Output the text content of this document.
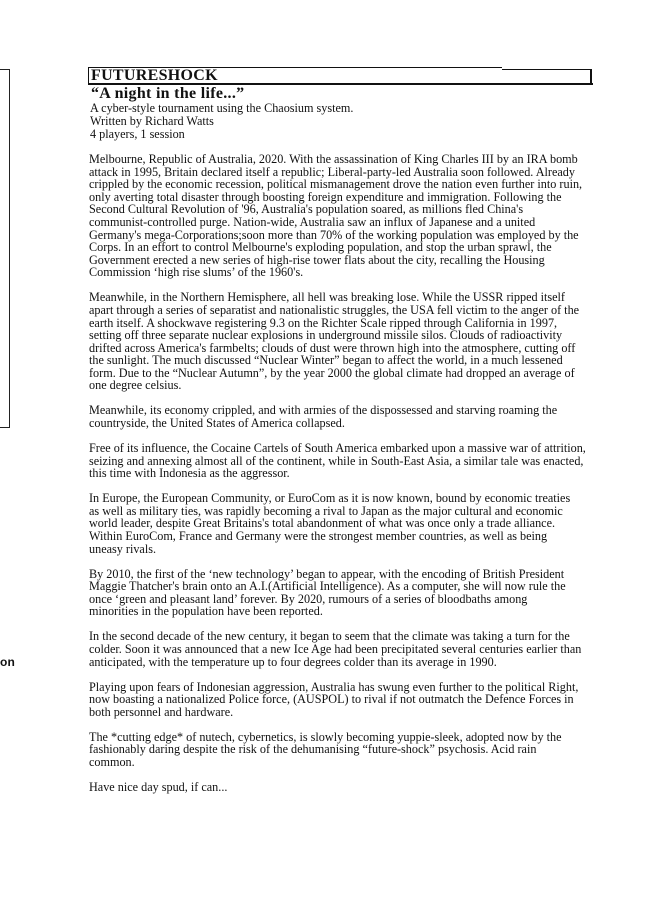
on
FUTURESHOCK
“A night in the life...”
A cyber-style tournament using the Chaosium system.
Written by Richard Watts
4 players, 1 session
Melbourne, Republic of Australia, 2020. With the assassination of King Charles III by an IRA bomb
attack in 1995, Britain declared itself a republic; Liberal-party-led Australia soon followed. Already
crippled by the economic recession, political mismanagement drove the nation even further into ruin,
only averting total disaster through boosting foreign expenditure and immigration. Following the
Second Cultural Revolution of '96, Australia's population soared, as millions fled China's
communist-controlled purge. Nation-wide, Australia saw an influx of Japanese and a united
Germany's mega-Corporations;soon more than 70% of the working population was employed by the
Corps. In an effort to control Melbourne's exploding population, and stop the urban sprawl, the
Government erected a new series of high-rise tower flats about the city, recalling the Housing
Commission ‘high rise slums’ of the 1960's.
Meanwhile, in the Northern Hemisphere, all hell was breaking lose. While the USSR ripped itself
apart through a series of separatist and nationalistic struggles, the USA fell victim to the anger of the
earth itself. A shockwave registering 9.3 on the Richter Scale ripped through California in 1997,
setting off three separate nuclear explosions in underground missile silos. Clouds of radioactivity
drifted across America's farmbelts; clouds of dust were thrown high into the atmosphere, cutting off
the sunlight. The much discussed “Nuclear Winter” began to affect the world, in a much lessened
form. Due to the “Nuclear Autumn”, by the year 2000 the global climate had dropped an average of
one degree celsius.
Meanwhile, its economy crippled, and with armies of the dispossessed and starving roaming the
countryside, the United States of America collapsed.
Free of its influence, the Cocaine Cartels of South America embarked upon a massive war of attrition,
seizing and annexing almost all of the continent, while in South-East Asia, a similar tale was enacted,
this time with Indonesia as the aggressor.
In Europe, the European Community, or EuroCom as it is now known, bound by economic treaties
as well as military ties, was rapidly becoming a rival to Japan as the major cultural and economic
world leader, despite Great Britains's total abandonment of what was once only a trade alliance.
Within EuroCom, France and Germany were the strongest member countries, as well as being
uneasy rivals.
By 2010, the first of the ‘new technology’ began to appear, with the encoding of British President
Maggie Thatcher's brain onto an A.I.(Artificial Intelligence). As a computer, she will now rule the
once ‘green and pleasant land’ forever. By 2020, rumours of a series of bloodbaths among
minorities in the population have been reported.
In the second decade of the new century, it began to seem that the climate was taking a turn for the
colder. Soon it was announced that a new Ice Age had been precipitated several centuries earlier than
anticipated, with the temperature up to four degrees colder than its average in 1990.
Playing upon fears of Indonesian aggression, Australia has swung even further to the political Right,
now boasting a nationalized Police force, (AUSPOL) to rival if not outmatch the Defence Forces in
both personnel and hardware.
The *cutting edge* of nutech, cybernetics, is slowly becoming yuppie-sleek, adopted now by the
fashionably daring despite the risk of the dehumanising “future-shock” psychosis. Acid rain
common.
Have nice day spud, if can...
